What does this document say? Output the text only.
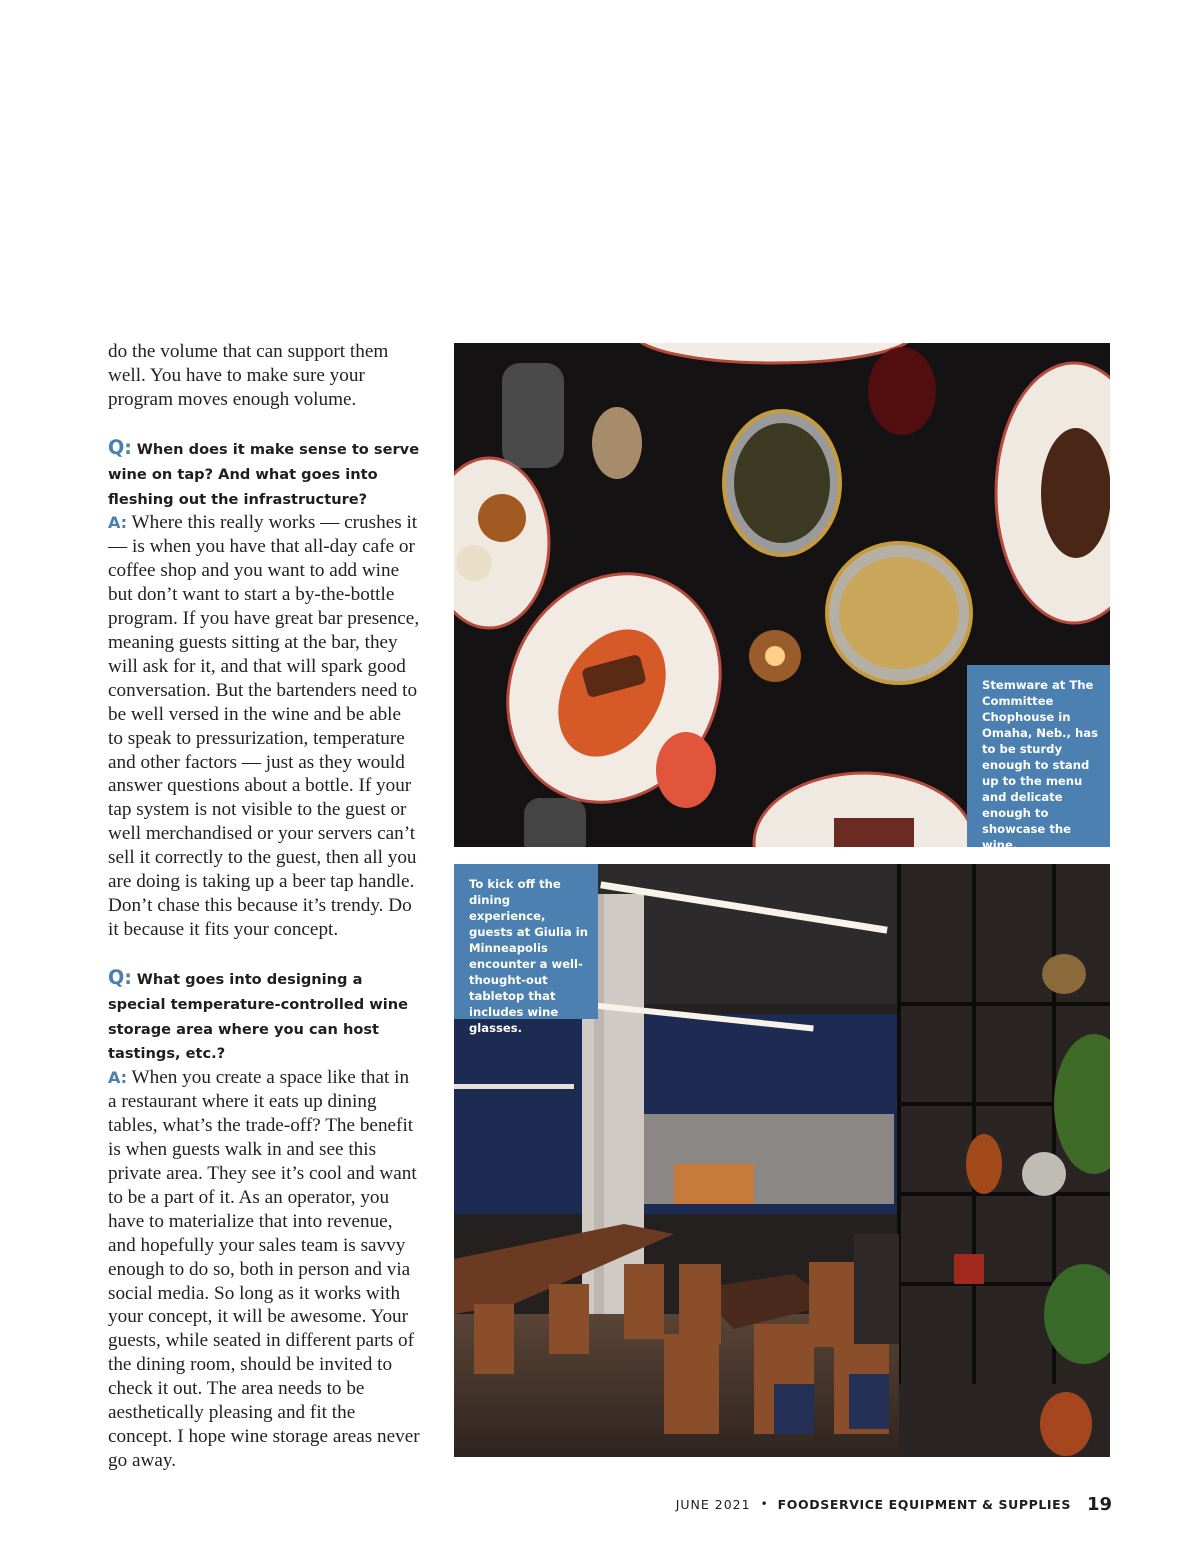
do the volume that can support them well. You have to make sure your program moves enough volume.

Q: When does it make sense to serve wine on tap? And what goes into fleshing out the infrastructure?
A: Where this really works — crushes it — is when you have that all-day cafe or coffee shop and you want to add wine but don’t want to start a by-the-bottle program. If you have great bar presence, meaning guests sitting at the bar, they will ask for it, and that will spark good conversation. But the bartenders need to be well versed in the wine and be able to speak to pressurization, temperature and other factors — just as they would answer questions about a bottle. If your tap system is not visible to the guest or well merchandised or your servers can’t sell it correctly to the guest, then all you are doing is taking up a beer tap handle. Don’t chase this because it’s trendy. Do it because it fits your concept.

Q: What goes into designing a special temperature-controlled wine storage area where you can host tastings, etc.?
A: When you create a space like that in a restaurant where it eats up dining tables, what’s the trade-off? The benefit is when guests walk in and see this private area. They see it’s cool and want to be a part of it. As an operator, you have to materialize that into revenue, and hopefully your sales team is savvy enough to do so, both in person and via social media. So long as it works with your concept, it will be awesome. Your guests, while seated in different parts of the dining room, should be invited to check it out. The area needs to be aesthetically pleasing and fit the concept. I hope wine storage areas never go away.

Stemware at The Committee Chophouse in Omaha, Neb., has to be sturdy enough to stand up to the menu and delicate enough to showcase the wine.
To kick off the dining experience, guests at Giulia in Minneapolis encounter a well-thought-out tabletop that includes wine glasses.
JUNE 2021 • FOODSERVICE EQUIPMENT & SUPPLIES 19
